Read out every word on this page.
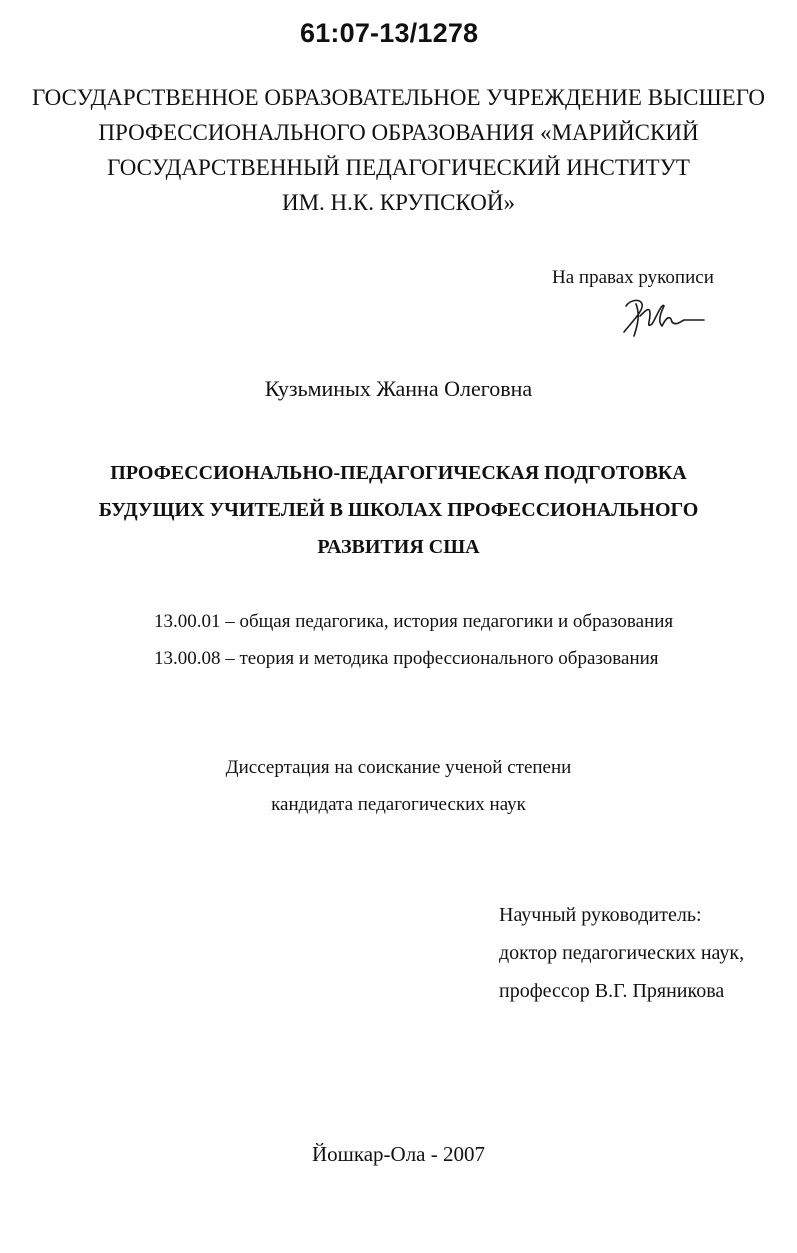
61:07-13/1278
ГОСУДАРСТВЕННОЕ ОБРАЗОВАТЕЛЬНОЕ УЧРЕЖДЕНИЕ ВЫСШЕГО
ПРОФЕССИОНАЛЬНОГО ОБРАЗОВАНИЯ «МАРИЙСКИЙ
ГОСУДАРСТВЕННЫЙ ПЕДАГОГИЧЕСКИЙ ИНСТИТУТ
ИМ. Н.К. КРУПСКОЙ»
На правах рукописи
Кузьминых Жанна Олеговна
ПРОФЕССИОНАЛЬНО-ПЕДАГОГИЧЕСКАЯ ПОДГОТОВКА
БУДУЩИХ УЧИТЕЛЕЙ В ШКОЛАХ ПРОФЕССИОНАЛЬНОГО
РАЗВИТИЯ США
13.00.01 – общая педагогика, история педагогики и образования
13.00.08 – теория и методика профессионального образования
Диссертация на соискание ученой степени
кандидата педагогических наук
Научный руководитель:
доктор педагогических наук,
профессор В.Г. Пряникова
Йошкар-Ола - 2007
